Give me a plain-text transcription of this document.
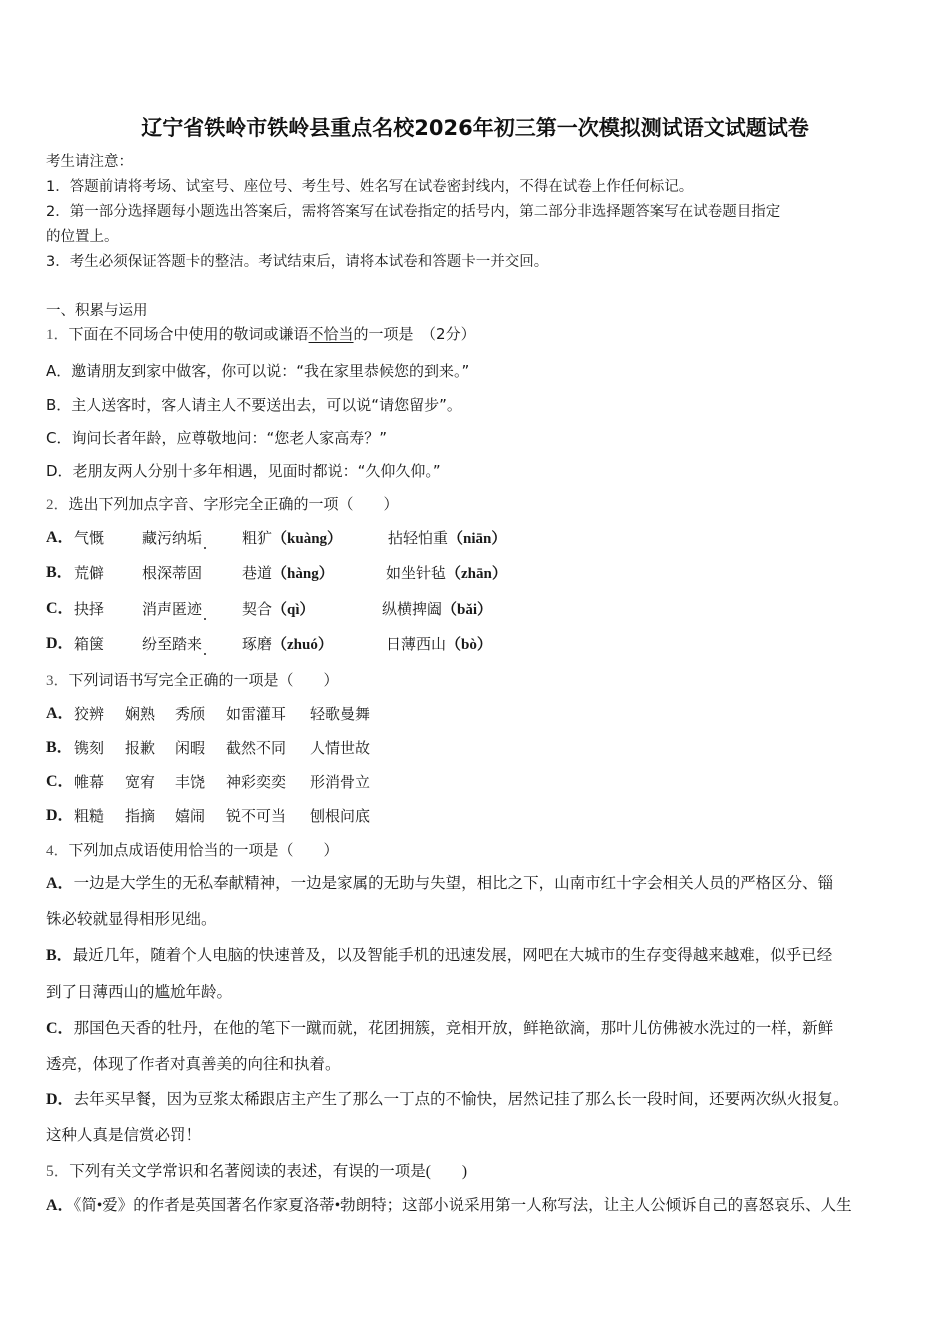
辽宁省铁岭市铁岭县重点名校2026年初三第一次模拟测试语文试题试卷
考生请注意：
1．答题前请将考场、试室号、座位号、考生号、姓名写在试卷密封线内，不得在试卷上作任何标记。
2．第一部分选择题每小题选出答案后，需将答案写在试卷指定的括号内，第二部分非选择题答案写在试卷题目指定
的位置上。
3．考生必须保证答题卡的整洁。考试结束后，请将本试卷和答题卡一并交回。
一、积累与运用
1．下面在不同场合中使用的敬词或谦语不恰当的一项是　（2分）
A．邀请朋友到家中做客，你可以说：“我在家里恭候您的到来。”
B．主人送客时，客人请主人不要送出去，可以说“请您留步”。
C．询问长者年龄，应尊敬地问：“您老人家高寿？”
D．老朋友两人分别十多年相遇，见面时都说：“久仰久仰。”
2．选出下列加点字音、字形完全正确的一项（　　）
A． 气慨	藏污纳垢	粗犷（kuàng）	拈轻怕重（niān）
B． 荒僻	根深蒂固	巷道（hàng）	如坐针毡（zhān）
C． 抉择	消声匿迹	契合（qì）	纵横捭阖（bǎi）
D． 箱箧	纷至踏来	琢磨（zhuó）	日薄西山（bò）
3．下列词语书写完全正确的一项是（　　）
A． 狡辨 娴熟 秀颀 如雷灌耳 轻歌曼舞
B． 镌刻 报歉 闲暇 截然不同 人情世故
C． 帷幕 宽宥 丰饶 神彩奕奕 形消骨立
D． 粗糙 指摘 嬉闹 锐不可当 刨根问底
4．下列加点成语使用恰当的一项是（　　）
A．一边是大学生的无私奉献精神，一边是家属的无助与失望，相比之下，山南市红十字会相关人员的严格区分、锱
铢必较就显得相形见绌。
B．最近几年，随着个人电脑的快速普及，以及智能手机的迅速发展，网吧在大城市的生存变得越来越难，似乎已经
到了日薄西山的尴尬年龄。
C．那国色天香的牡丹，在他的笔下一蹴而就，花团拥簇，竞相开放，鲜艳欲滴，那叶儿仿佛被水洗过的一样，新鲜
透亮，体现了作者对真善美的向往和执着。
D．去年买早餐，因为豆浆太稀跟店主产生了那么一丁点的不愉快，居然记挂了那么长一段时间，还要两次纵火报复。
这种人真是信赏必罚！
5．下列有关文学常识和名著阅读的表述，有误的一项是(　　)
A．《简•爱》的作者是英国著名作家夏洛蒂•勃朗特；这部小说采用第一人称写法，让主人公倾诉自己的喜怒哀乐、人生
